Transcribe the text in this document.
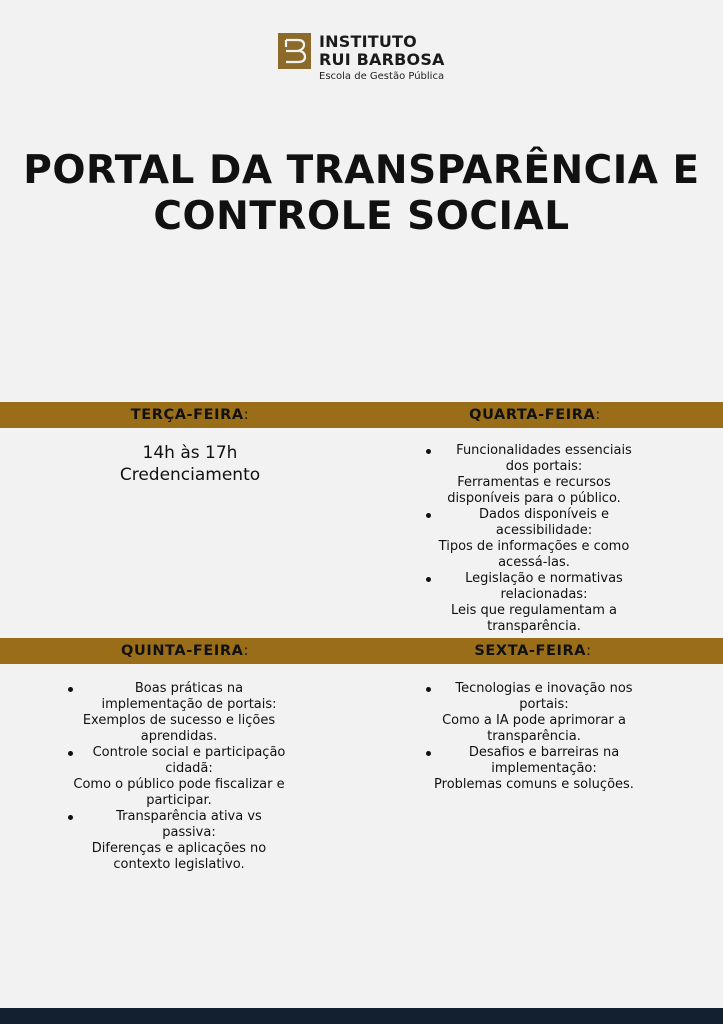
INSTITUTO
RUI BARBOSA
Escola de Gestão Pública
PORTAL DA TRANSPARÊNCIA E
CONTROLE SOCIAL
TERÇA-FEIRA:	QUARTA-FEIRA:
14h às 17h
Credenciamento
Funcionalidades essenciais dos portais:
Ferramentas e recursos disponíveis para o público.
Dados disponíveis e acessibilidade:
Tipos de informações e como acessá-las.
Legislação e normativas relacionadas:
Leis que regulamentam a transparência.
QUINTA-FEIRA:	SEXTA-FEIRA:
Boas práticas na implementação de portais:
Exemplos de sucesso e lições aprendidas.
Controle social e participação cidadã:
Como o público pode fiscalizar e participar.
Transparência ativa vs passiva:
Diferenças e aplicações no contexto legislativo.
Tecnologias e inovação nos portais:
Como a IA pode aprimorar a transparência.
Desafios e barreiras na implementação:
Problemas comuns e soluções.
